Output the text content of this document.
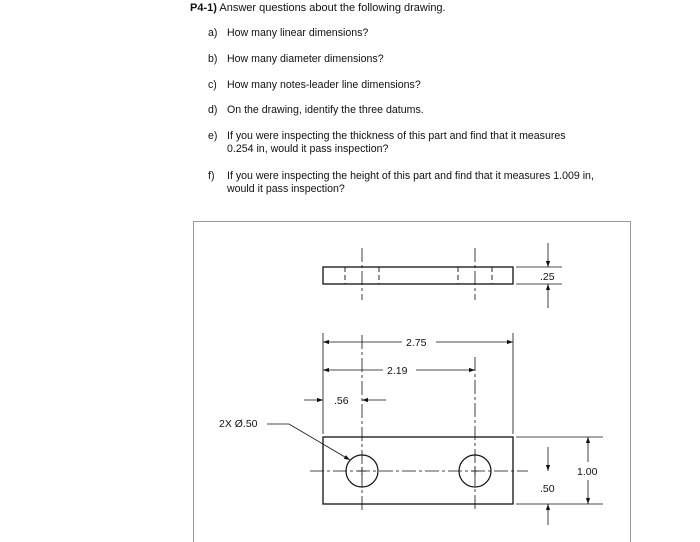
P4-1) Answer questions about the following drawing.
a) How many linear dimensions?
b) How many diameter dimensions?
c) How many notes-leader line dimensions?
d) On the drawing, identify the three datums.
e) If you were inspecting the thickness of this part and find that it measures
0.254 in, would it pass inspection?
f)	If you were inspecting the height of this part and find that it measures 1.009 in,
would it pass inspection?
.25
2.75
2.19
.56
2X Ø.50
1.00
.50
